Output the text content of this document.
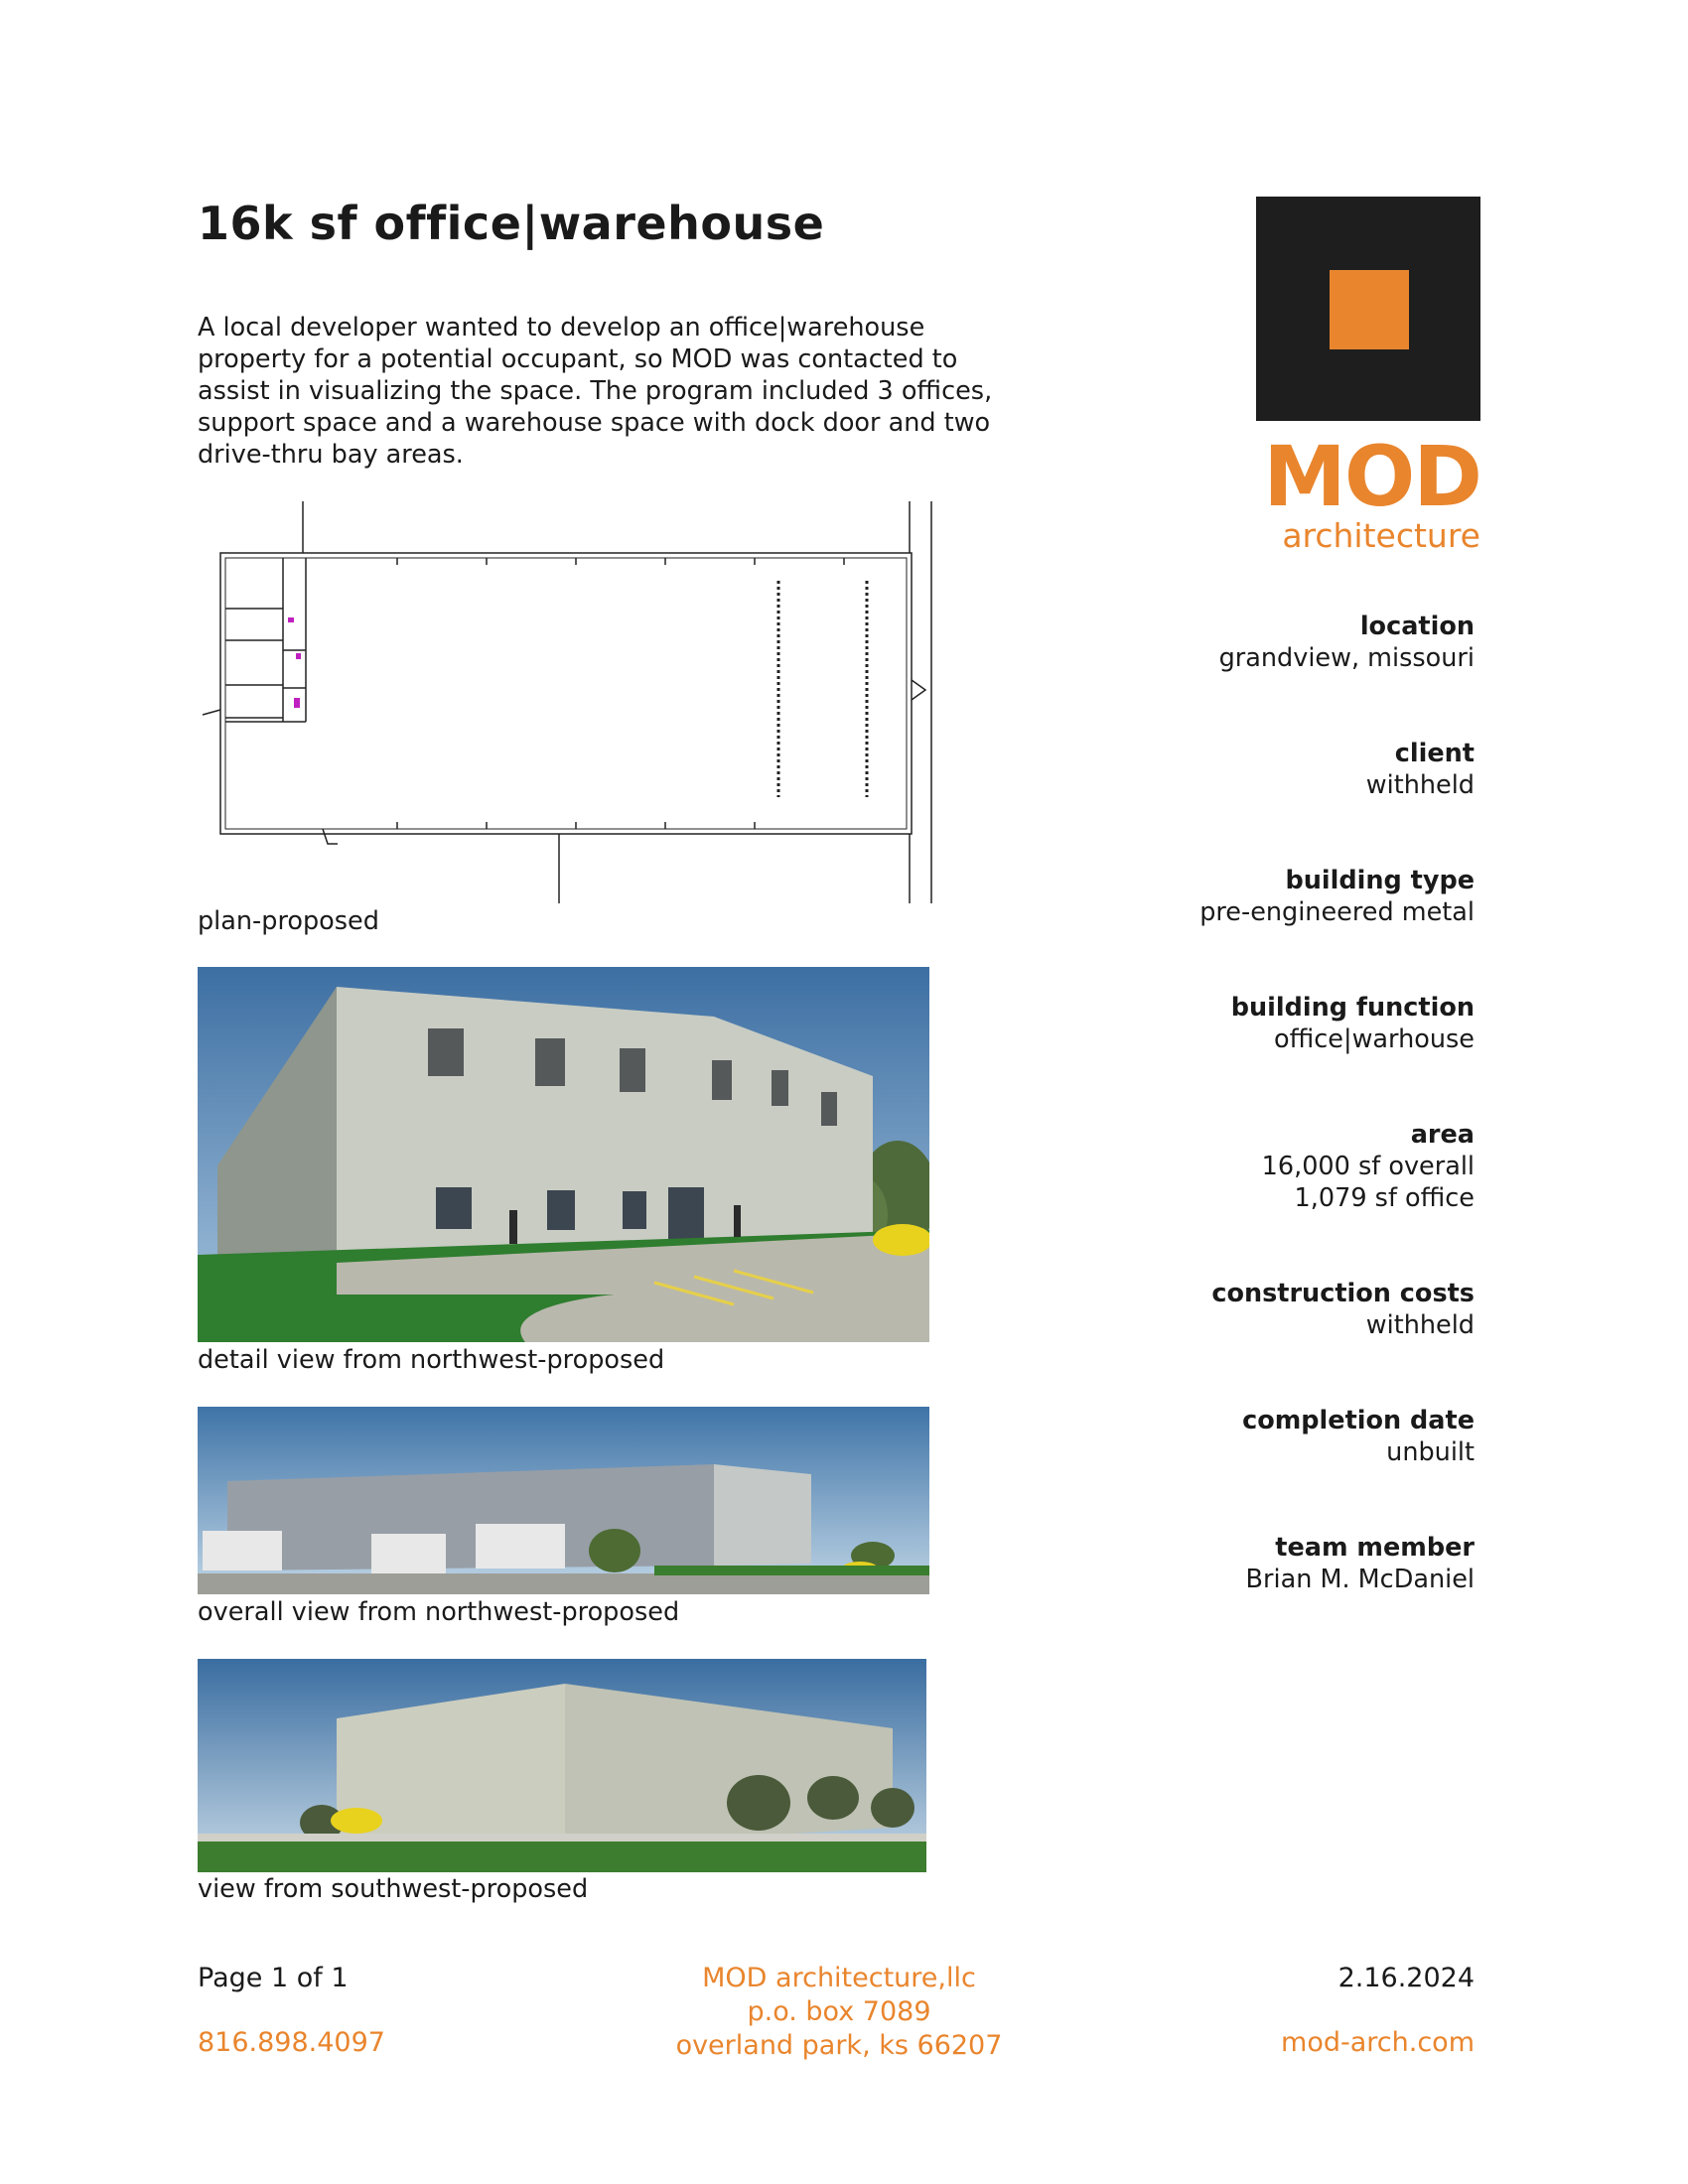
16k sf office|warehouse
A local developer wanted to develop an office|warehouse property for a potential occupant, so MOD was contacted to assist in visualizing the space. The program included 3 offices, support space and a warehouse space with dock door and two drive-thru bay areas.	MOD
architecture
plan-proposed
detail view from northwest-proposed
overall view from northwest-proposed
view from southwest-proposed
location
grandview, missouri
client
withheld
building type
pre-engineered metal
building function
office|warhouse
area
16,000 sf overall
1,079 sf office
construction costs
withheld
completion date
unbuilt
team member
Brian M. McDaniel
Page 1 of 1
816.898.4097
MOD architecture,llc
p.o. box 7089
overland park, ks 66207
2.16.2024
mod-arch.com
